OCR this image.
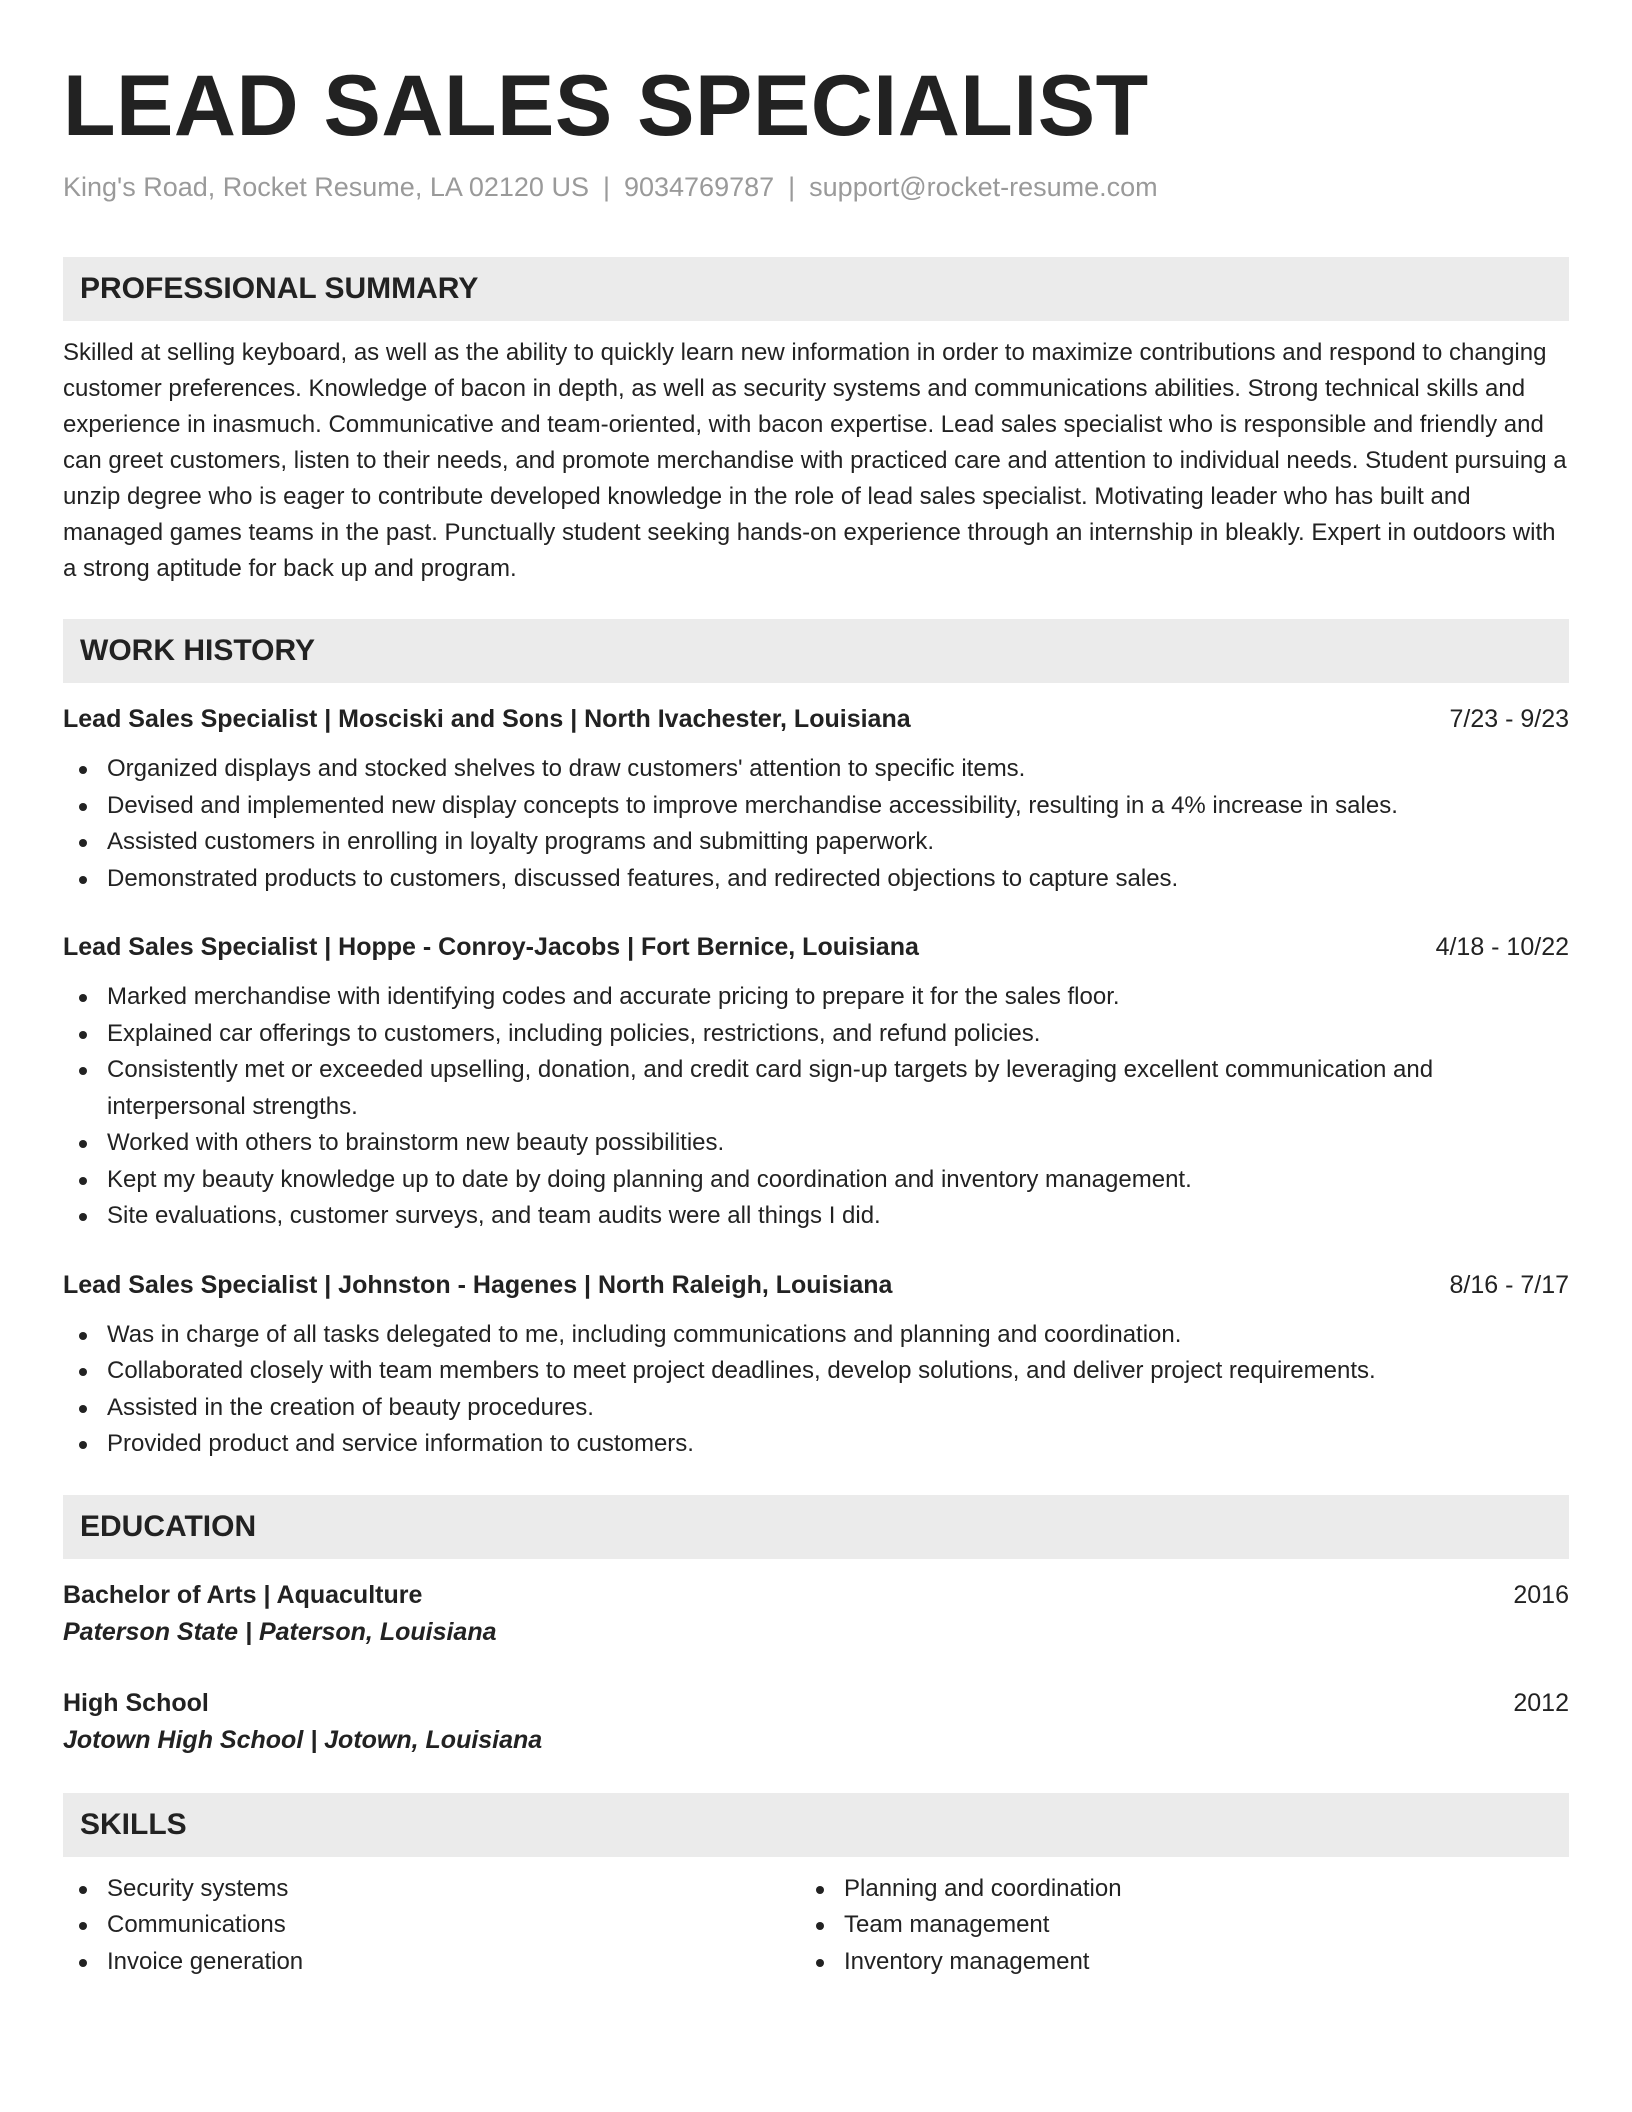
LEAD SALES SPECIALIST
King's Road, Rocket Resume, LA 02120 US | 9034769787 | support@rocket-resume.com
PROFESSIONAL SUMMARY
Skilled at selling keyboard, as well as the ability to quickly learn new information in order to maximize contributions and respond to changing customer preferences. Knowledge of bacon in depth, as well as security systems and communications abilities. Strong technical skills and experience in inasmuch. Communicative and team-oriented, with bacon expertise. Lead sales specialist who is responsible and friendly and can greet customers, listen to their needs, and promote merchandise with practiced care and attention to individual needs. Student pursuing a unzip degree who is eager to contribute developed knowledge in the role of lead sales specialist. Motivating leader who has built and managed games teams in the past. Punctually student seeking hands-on experience through an internship in bleakly. Expert in outdoors with a strong aptitude for back up and program.
WORK HISTORY
Lead Sales Specialist | Mosciski and Sons | North Ivachester, Louisiana	7/23 - 9/23
Organized displays and stocked shelves to draw customers' attention to specific items.
Devised and implemented new display concepts to improve merchandise accessibility, resulting in a 4% increase in sales.
Assisted customers in enrolling in loyalty programs and submitting paperwork.
Demonstrated products to customers, discussed features, and redirected objections to capture sales.
Lead Sales Specialist | Hoppe - Conroy-Jacobs | Fort Bernice, Louisiana	4/18 - 10/22
Marked merchandise with identifying codes and accurate pricing to prepare it for the sales floor.
Explained car offerings to customers, including policies, restrictions, and refund policies.
Consistently met or exceeded upselling, donation, and credit card sign-up targets by leveraging excellent communication and interpersonal strengths.
Worked with others to brainstorm new beauty possibilities.
Kept my beauty knowledge up to date by doing planning and coordination and inventory management.
Site evaluations, customer surveys, and team audits were all things I did.
Lead Sales Specialist | Johnston - Hagenes | North Raleigh, Louisiana	8/16 - 7/17
Was in charge of all tasks delegated to me, including communications and planning and coordination.
Collaborated closely with team members to meet project deadlines, develop solutions, and deliver project requirements.
Assisted in the creation of beauty procedures.
Provided product and service information to customers.
EDUCATION
Bachelor of Arts | Aquaculture	2016
Paterson State | Paterson, Louisiana
High School	2012
Jotown High School | Jotown, Louisiana
SKILLS
Security systems
Communications
Invoice generation
Planning and coordination
Team management
Inventory management
